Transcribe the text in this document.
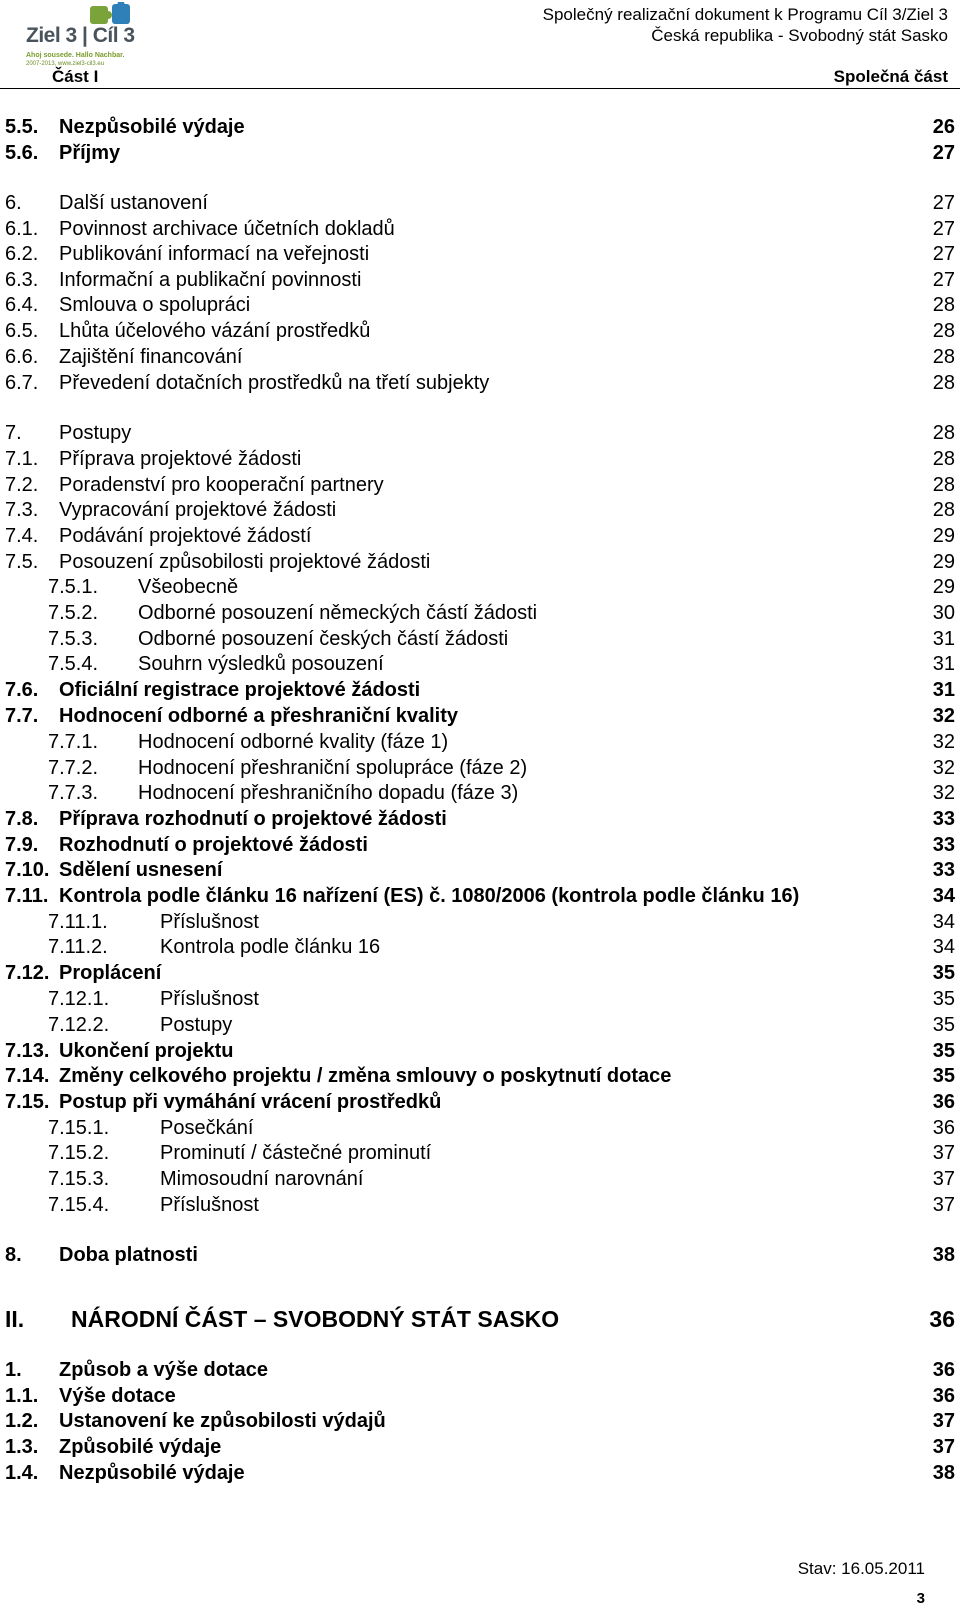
Ziel 3 | Cíl 3
Ahoj sousede. Hallo Nachbar.
2007-2013, www.ziel3-cil3.eu
Společný realizační dokument k Programu Cíl 3/Ziel 3
Česká republika - Svobodný stát Sasko
Část I	Společná část
5.5. Nezpůsobilé výdaje	26
5.6. Příjmy	27
6. Další ustanovení	27
6.1. Povinnost archivace účetních dokladů	27
6.2. Publikování informací na veřejnosti	27
6.3. Informační a publikační povinnosti	27
6.4. Smlouva o spolupráci	28
6.5. Lhůta účelového vázání prostředků	28
6.6. Zajištění financování	28
6.7. Převedení dotačních prostředků na třetí subjekty	28
7. Postupy	28
7.1. Příprava projektové žádosti	28
7.2. Poradenství pro kooperační partnery	28
7.3. Vypracování projektové žádosti	28
7.4. Podávání projektové žádostí	29
7.5. Posouzení způsobilosti projektové žádosti	29
7.5.1. Všeobecně	29
7.5.2. Odborné posouzení německých částí žádosti	30
7.5.3. Odborné posouzení českých částí žádosti	31
7.5.4. Souhrn výsledků posouzení	31
7.6. Oficiální registrace projektové žádosti	31
7.7. Hodnocení odborné a přeshraniční kvality	32
7.7.1. Hodnocení odborné kvality (fáze 1)	32
7.7.2. Hodnocení přeshraniční spolupráce (fáze 2)	32
7.7.3. Hodnocení přeshraničního dopadu (fáze 3)	32
7.8. Příprava rozhodnutí o projektové žádosti	33
7.9. Rozhodnutí o projektové žádosti	33
7.10. Sdělení usnesení	33
7.11. Kontrola podle článku 16 nařízení (ES) č. 1080/2006 (kontrola podle článku 16)	34
7.11.1.	Příslušnost	34
7.11.2.	Kontrola podle článku 16	34
7.12. Proplácení	35
7.12.1.	Příslušnost	35
7.12.2.	Postupy	35
7.13. Ukončení projektu	35
7.14. Změny celkového projektu / změna smlouvy o poskytnutí dotace	35
7.15. Postup při vymáhání vrácení prostředků	36
7.15.1.	Posečkání	36
7.15.2.	Prominutí / částečné prominutí	37
7.15.3.	Mimosoudní narovnání	37
7.15.4.	Příslušnost	37
8. Doba platnosti	38
II. NÁRODNÍ ČÁST – SVOBODNÝ STÁT SASKO	36
1. Způsob a výše dotace	36
1.1. Výše dotace	36
1.2. Ustanovení ke způsobilosti výdajů	37
1.3. Způsobilé výdaje	37
1.4. Nezpůsobilé výdaje	38
Stav: 16.05.2011
3
